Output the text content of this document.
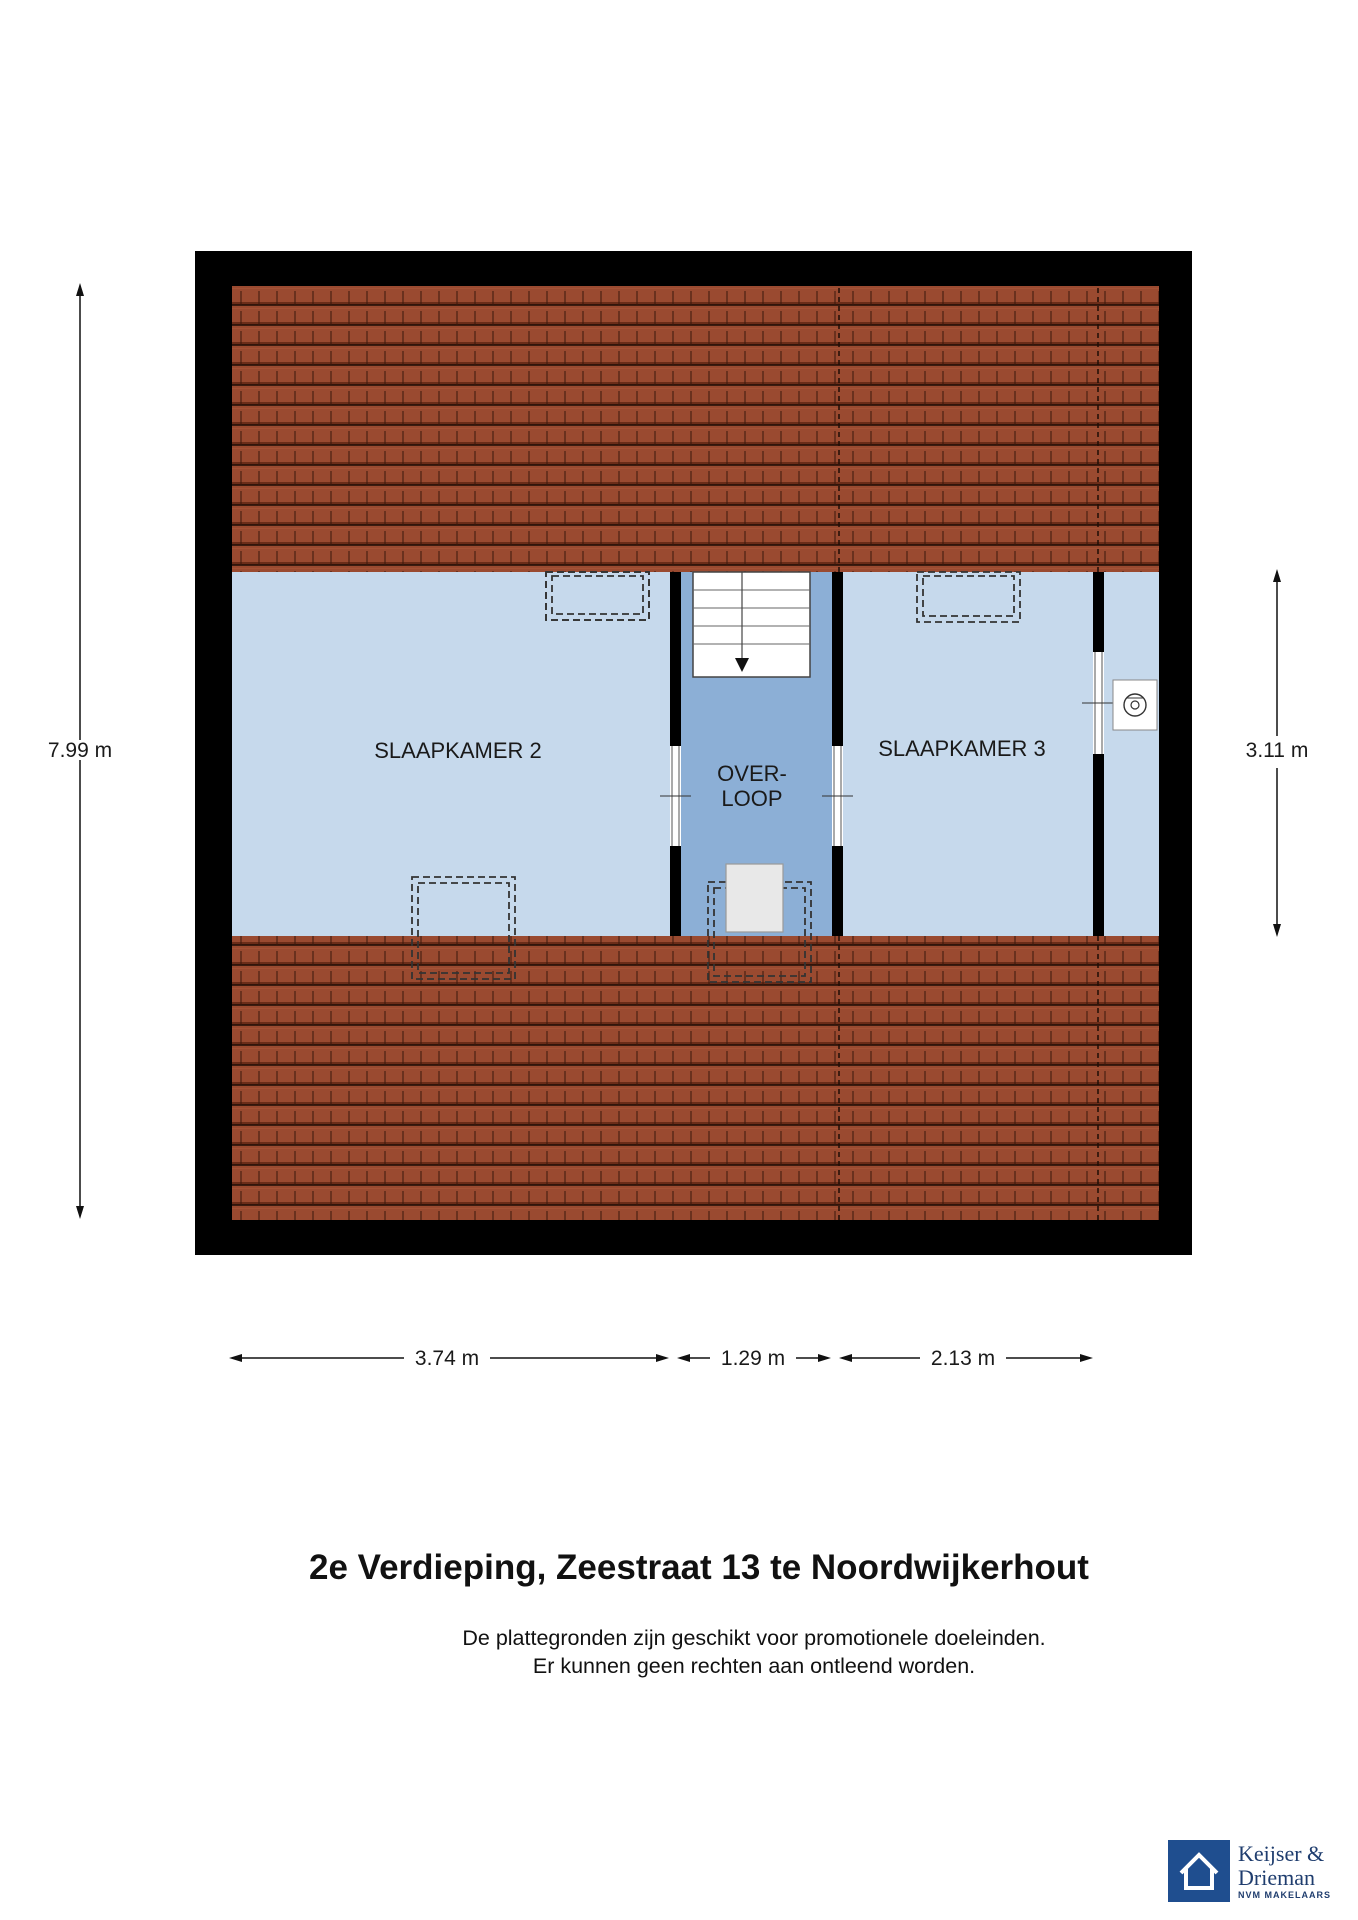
SLAAPKAMER 2
OVER-
LOOP
SLAAPKAMER 3
7.99 m	3.11 m
3.74 m	1.29 m	2.13 m
2e Verdieping, Zeestraat 13 te Noordwijkerhout
De plattegronden zijn geschikt voor promotionele doeleinden.
Er kunnen geen rechten aan ontleend worden.
Keijser &
Drieman
NVM MAKELAARS
